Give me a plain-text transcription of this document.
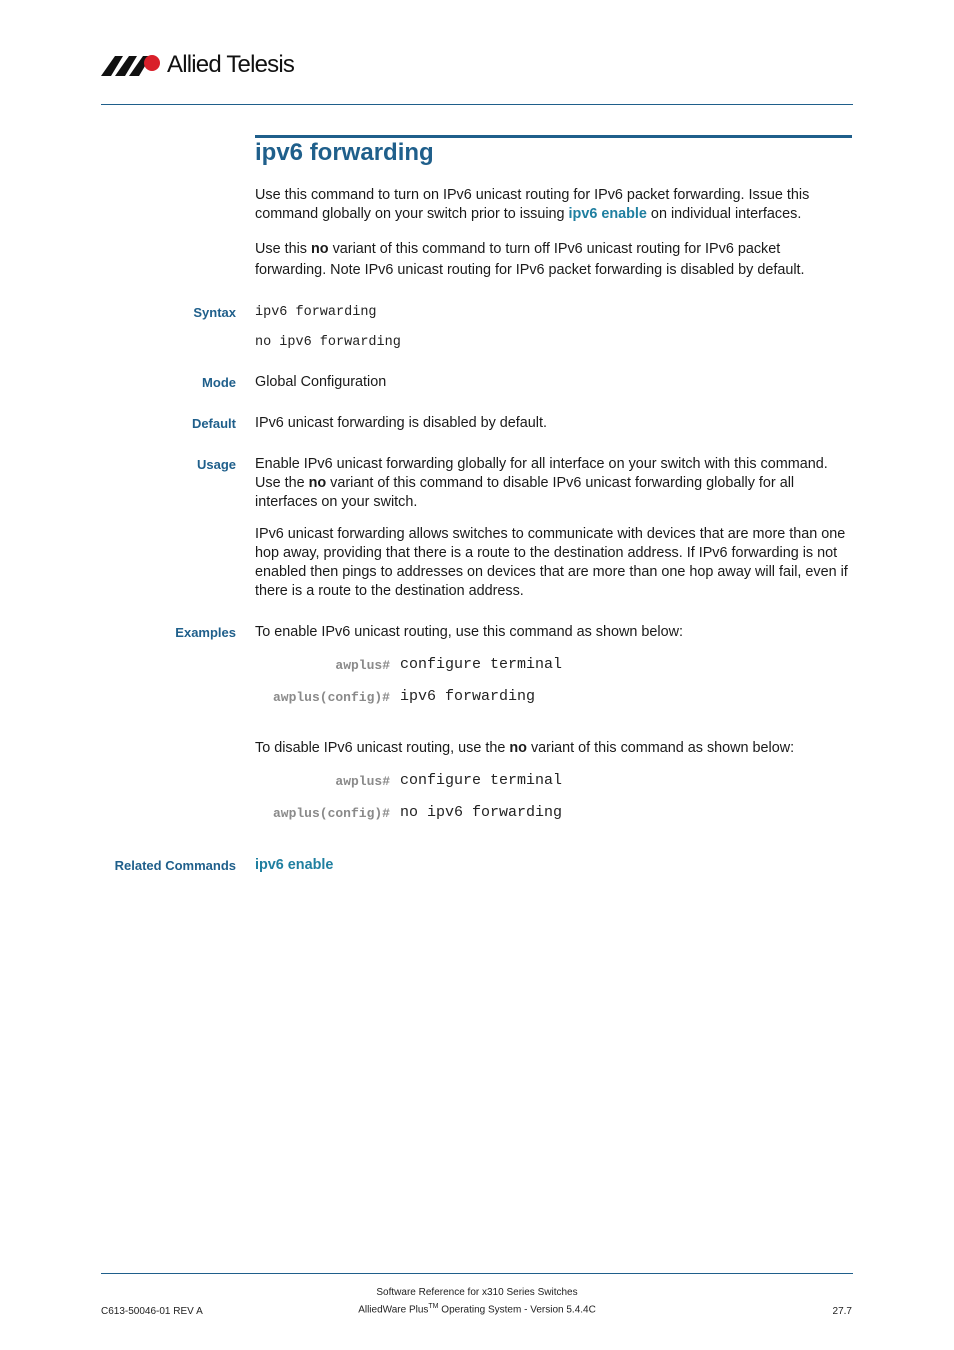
Allied Telesis
ipv6 forwarding

Use this command to turn on IPv6 unicast routing for IPv6 packet forwarding. Issue this command globally on your switch prior to issuing ipv6 enable on individual interfaces.

Use this no variant of this command to turn off IPv6 unicast routing for IPv6 packet forwarding. Note IPv6 unicast routing for IPv6 packet forwarding is disabled by default.

Syntax ipv6 forwarding
no ipv6 forwarding
Mode Global Configuration

Default IPv6 unicast forwarding is disabled by default.

Usage Enable IPv6 unicast forwarding globally for all interface on your switch with this command. Use the no variant of this command to disable IPv6 unicast forwarding globally for all interfaces on your switch.

IPv6 unicast forwarding allows switches to communicate with devices that are more than one hop away, providing that there is a route to the destination address. If IPv6 forwarding is not enabled then pings to addresses on devices that are more than one hop away will fail, even if there is a route to the destination address.

Examples To enable IPv6 unicast routing, use this command as shown below:

awplus# configure terminal
awplus(config)# ipv6 forwarding

To disable IPv6 unicast routing, use the no variant of this command as shown below:

awplus# configure terminal
awplus(config)# no ipv6 forwarding
Related Commands ipv6 enable
Software Reference for x310 Series Switches
AlliedWare Plus™ Operating System - Version 5.4.4C
C613-50046-01 REV A	27.7
